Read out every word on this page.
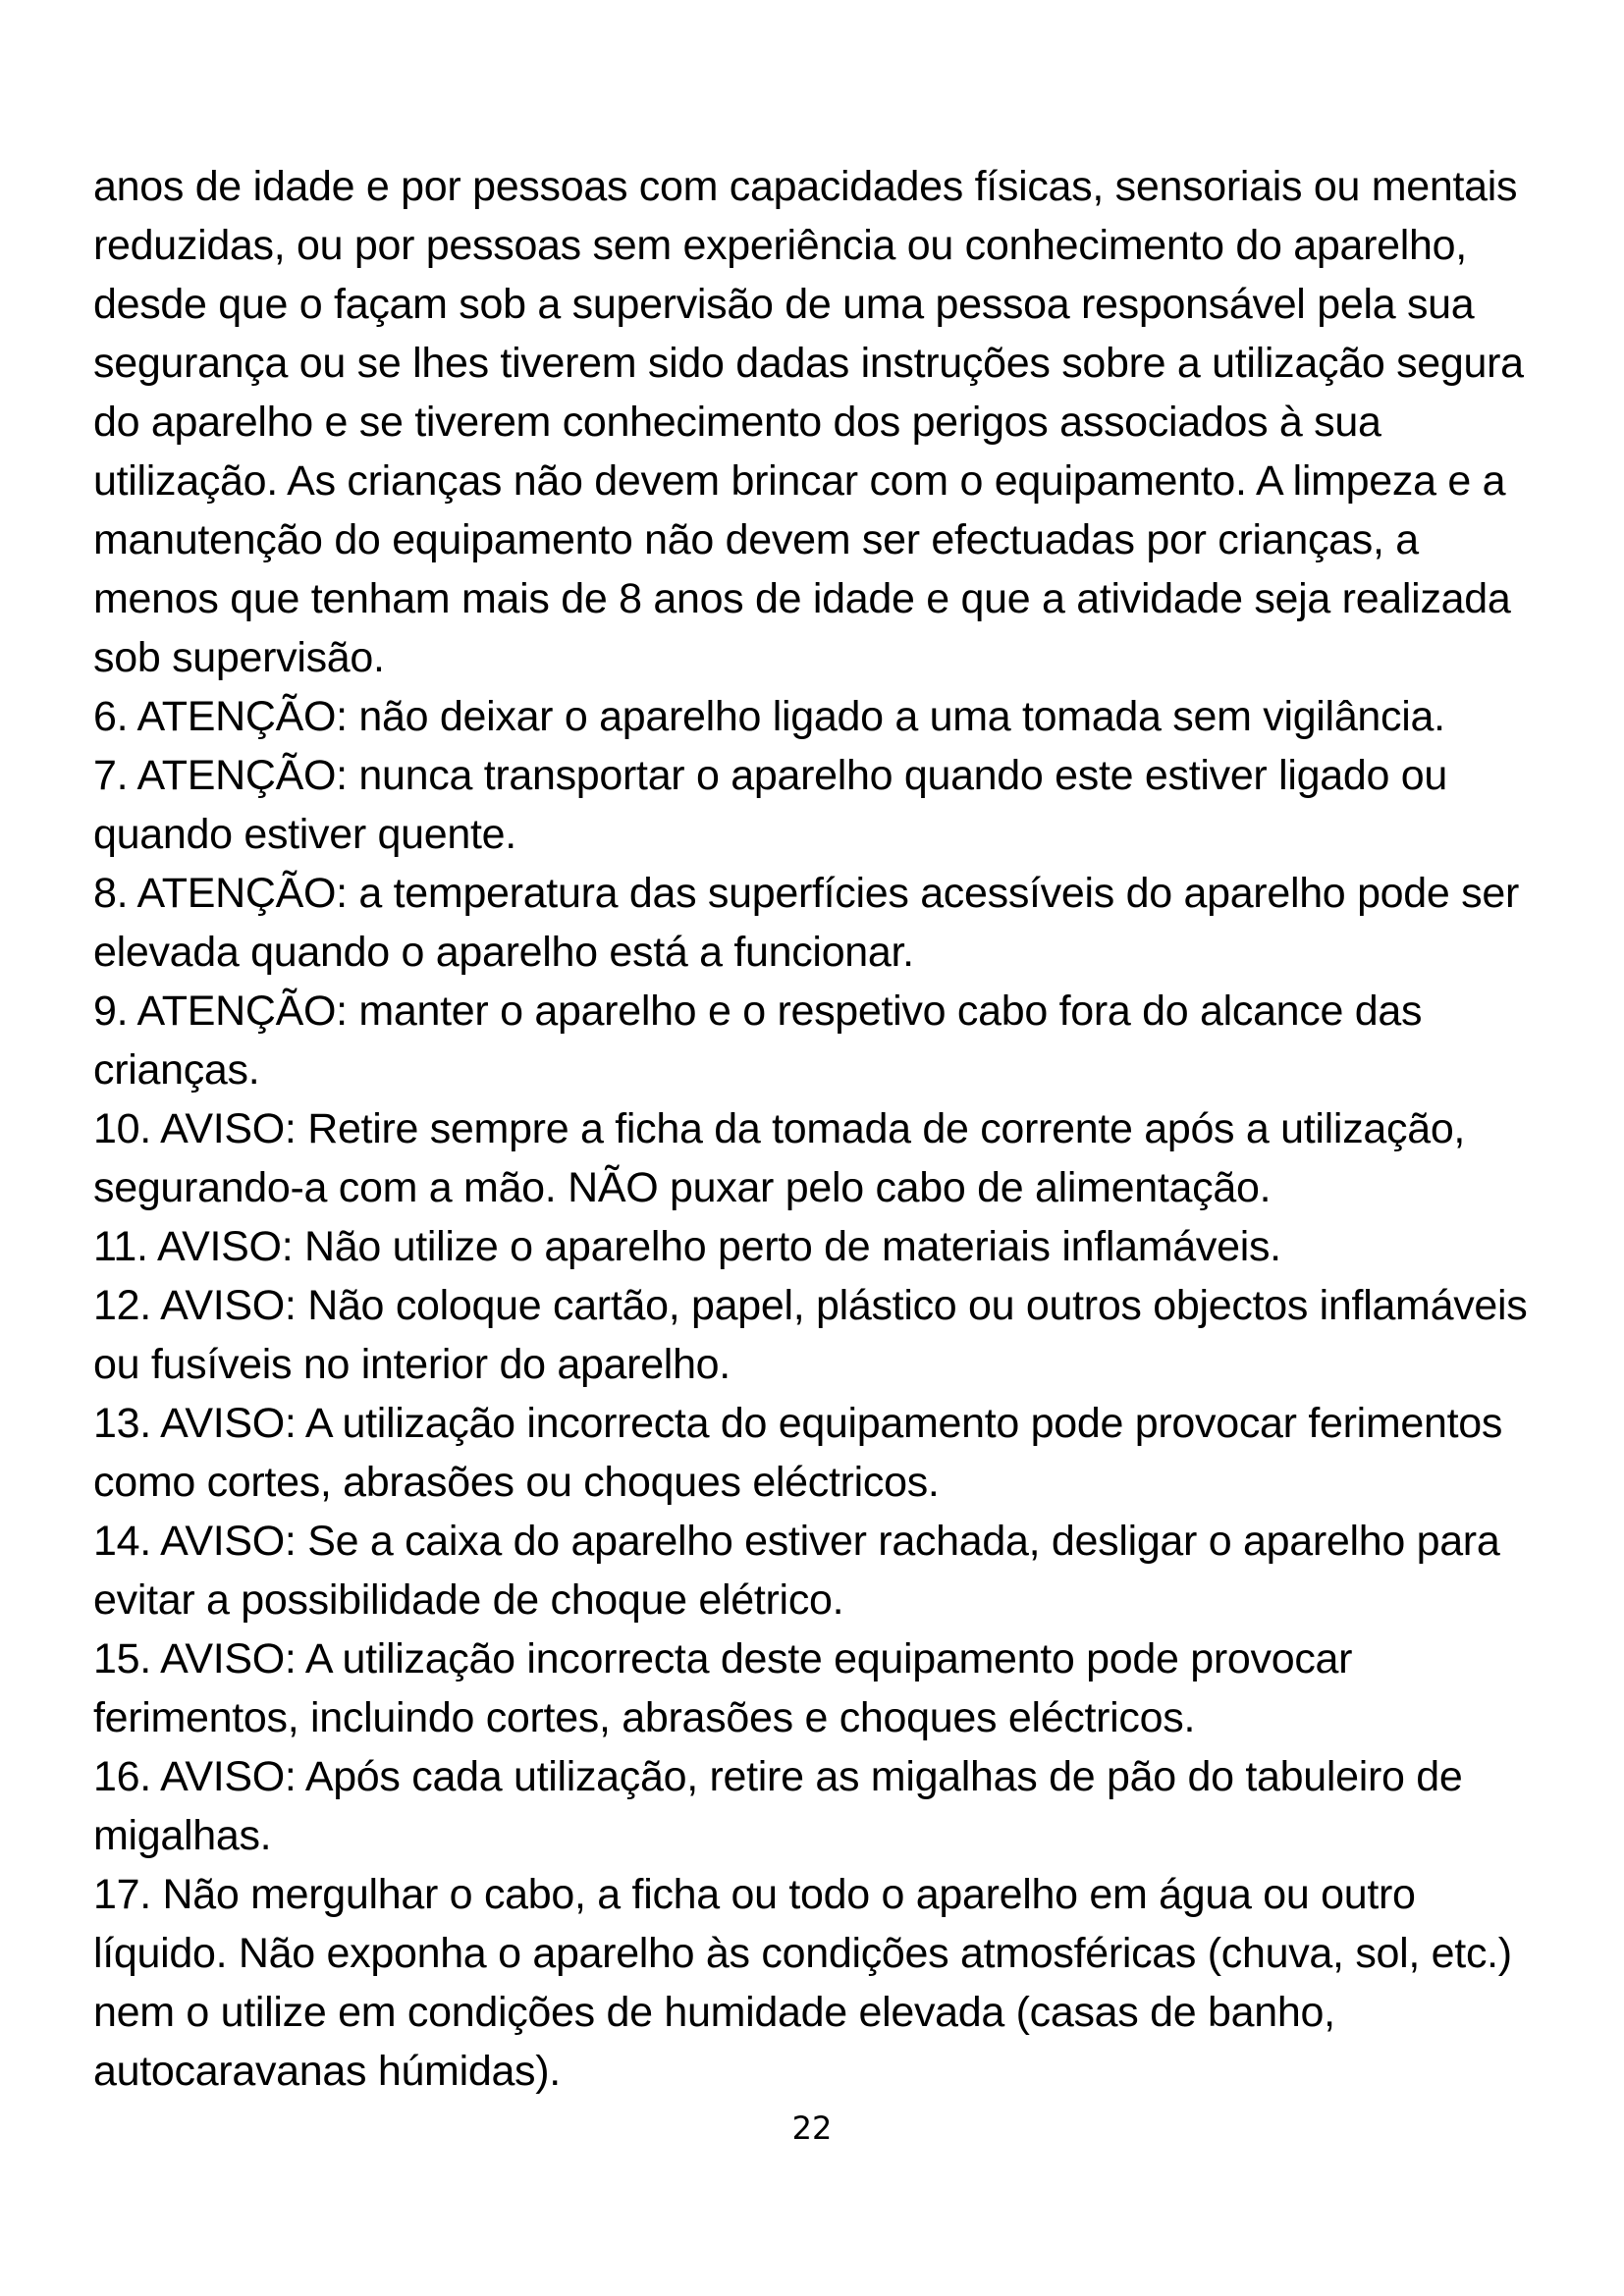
anos de idade e por pessoas com capacidades físicas, sensoriais ou mentais reduzidas, ou por pessoas sem experiência ou conhecimento do aparelho, desde que o façam sob a supervisão de uma pessoa responsável pela sua segurança ou se lhes tiverem sido dadas instruções sobre a utilização segura do aparelho e se tiverem conhecimento dos perigos associados à sua utilização. As crianças não devem brincar com o equipamento. A limpeza e a manutenção do equipamento não devem ser efectuadas por crianças, a menos que tenham mais de 8 anos de idade e que a atividade seja realizada sob supervisão.

6. ATENÇÃO: não deixar o aparelho ligado a uma tomada sem vigilância.

7. ATENÇÃO: nunca transportar o aparelho quando este estiver ligado ou quando estiver quente.

8. ATENÇÃO: a temperatura das superfícies acessíveis do aparelho pode ser elevada quando o aparelho está a funcionar.

9. ATENÇÃO: manter o aparelho e o respetivo cabo fora do alcance das crianças.

10. AVISO: Retire sempre a ficha da tomada de corrente após a utilização, segurando-a com a mão. NÃO puxar pelo cabo de alimentação.

11. AVISO: Não utilize o aparelho perto de materiais inflamáveis.

12. AVISO: Não coloque cartão, papel, plástico ou outros objectos inflamáveis ou fusíveis no interior do aparelho.

13. AVISO: A utilização incorrecta do equipamento pode provocar ferimentos como cortes, abrasões ou choques eléctricos.

14. AVISO: Se a caixa do aparelho estiver rachada, desligar o aparelho para evitar a possibilidade de choque elétrico.

15. AVISO: A utilização incorrecta deste equipamento pode provocar ferimentos, incluindo cortes, abrasões e choques eléctricos.

16. AVISO: Após cada utilização, retire as migalhas de pão do tabuleiro de migalhas.

17. Não mergulhar o cabo, a ficha ou todo o aparelho em água ou outro líquido. Não exponha o aparelho às condições atmosféricas (chuva, sol, etc.) nem o utilize em condições de humidade elevada (casas de banho, autocaravanas húmidas).

22
